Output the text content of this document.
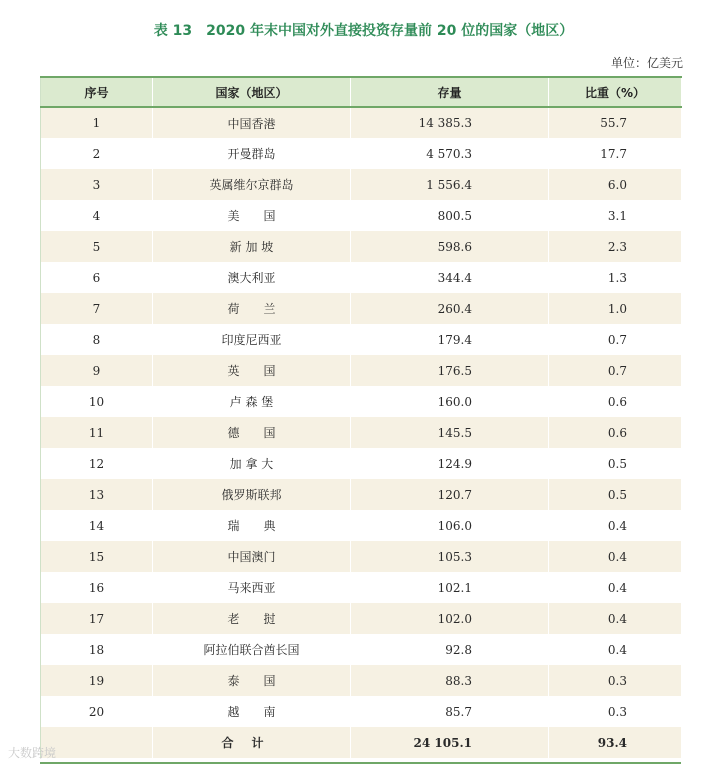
表 13　2020 年末中国对外直接投资存量前 20 位的国家（地区）
单位：亿美元
序号	国家（地区）	存量	比重（%）
1	中国香港	14 385.3	55.7
2	开曼群岛	4 570.3	17.7
3	英属维尔京群岛	1 556.4	6.0
4	美　　国	800.5	3.1
5	新 加 坡	598.6	2.3
6	澳大利亚	344.4	1.3
7	荷　　兰	260.4	1.0
8	印度尼西亚	179.4	0.7
9	英　　国	176.5	0.7
10	卢 森 堡	160.0	0.6
11	德　　国	145.5	0.6
12	加 拿 大	124.9	0.5
13	俄罗斯联邦	120.7	0.5
14	瑞　　典	106.0	0.4
15	中国澳门	105.3	0.4
16	马来西亚	102.1	0.4
17	老　　挝	102.0	0.4
18	阿拉伯联合酋长国	92.8	0.4
19	泰　　国	88.3	0.3
20	越　　南	85.7	0.3
	合计	24 105.1	93.4
大数跨境
